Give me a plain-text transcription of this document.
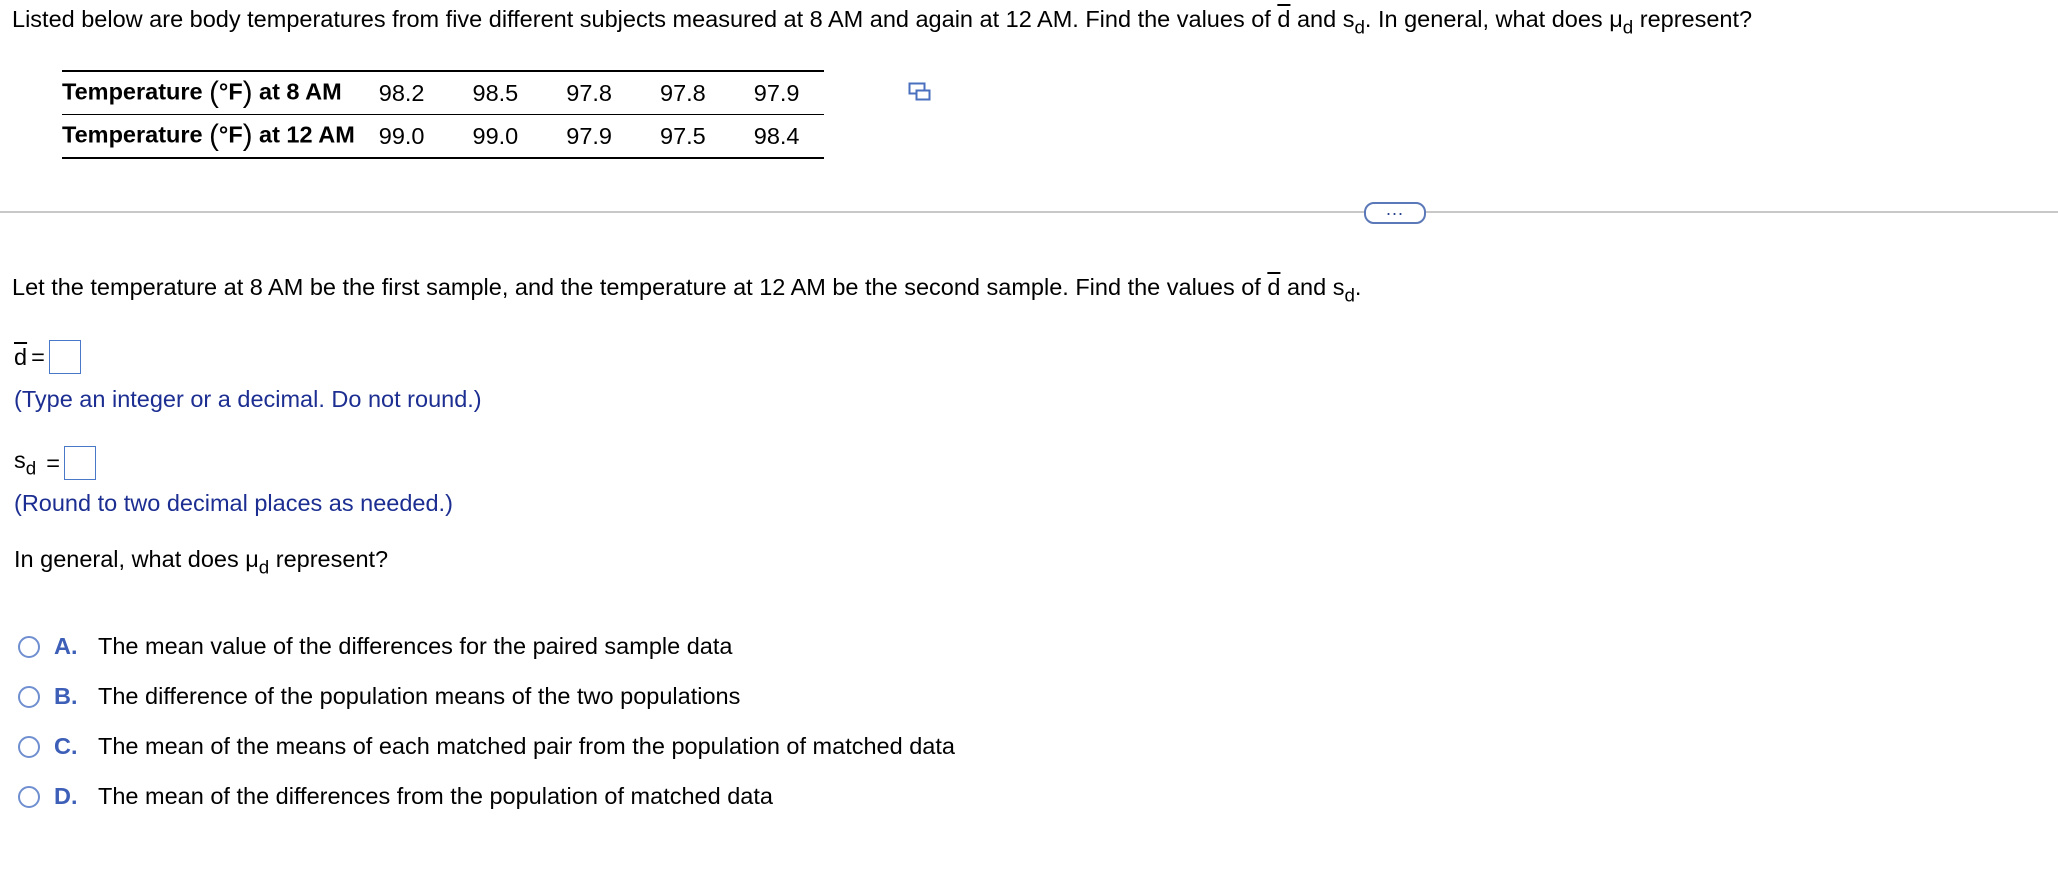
Listed below are body temperatures from five different subjects measured at 8 AM and again at 12 AM. Find the values of $\overline{d}$ and $s_d$. In general, what does $\mu_d$ represent?
Temperature (°F) at 8 AM	98.2	98.5	97.8	97.8	97.9
Temperature (°F) at 12 AM	99.0	99.0	97.9	97.5	98.4
...
Let the temperature at 8 AM be the first sample, and the temperature at 12 AM be the second sample. Find the values of $\overline{d}$ and $s_d$.
$\overline{d}$ =
(Type an integer or a decimal. Do not round.)
$s_d$ =
(Round to two decimal places as needed.)
In general, what does $\mu_d$ represent?
A. The mean value of the differences for the paired sample data
B. The difference of the population means of the two populations
C. The mean of the means of each matched pair from the population of matched data
D. The mean of the differences from the population of matched data
